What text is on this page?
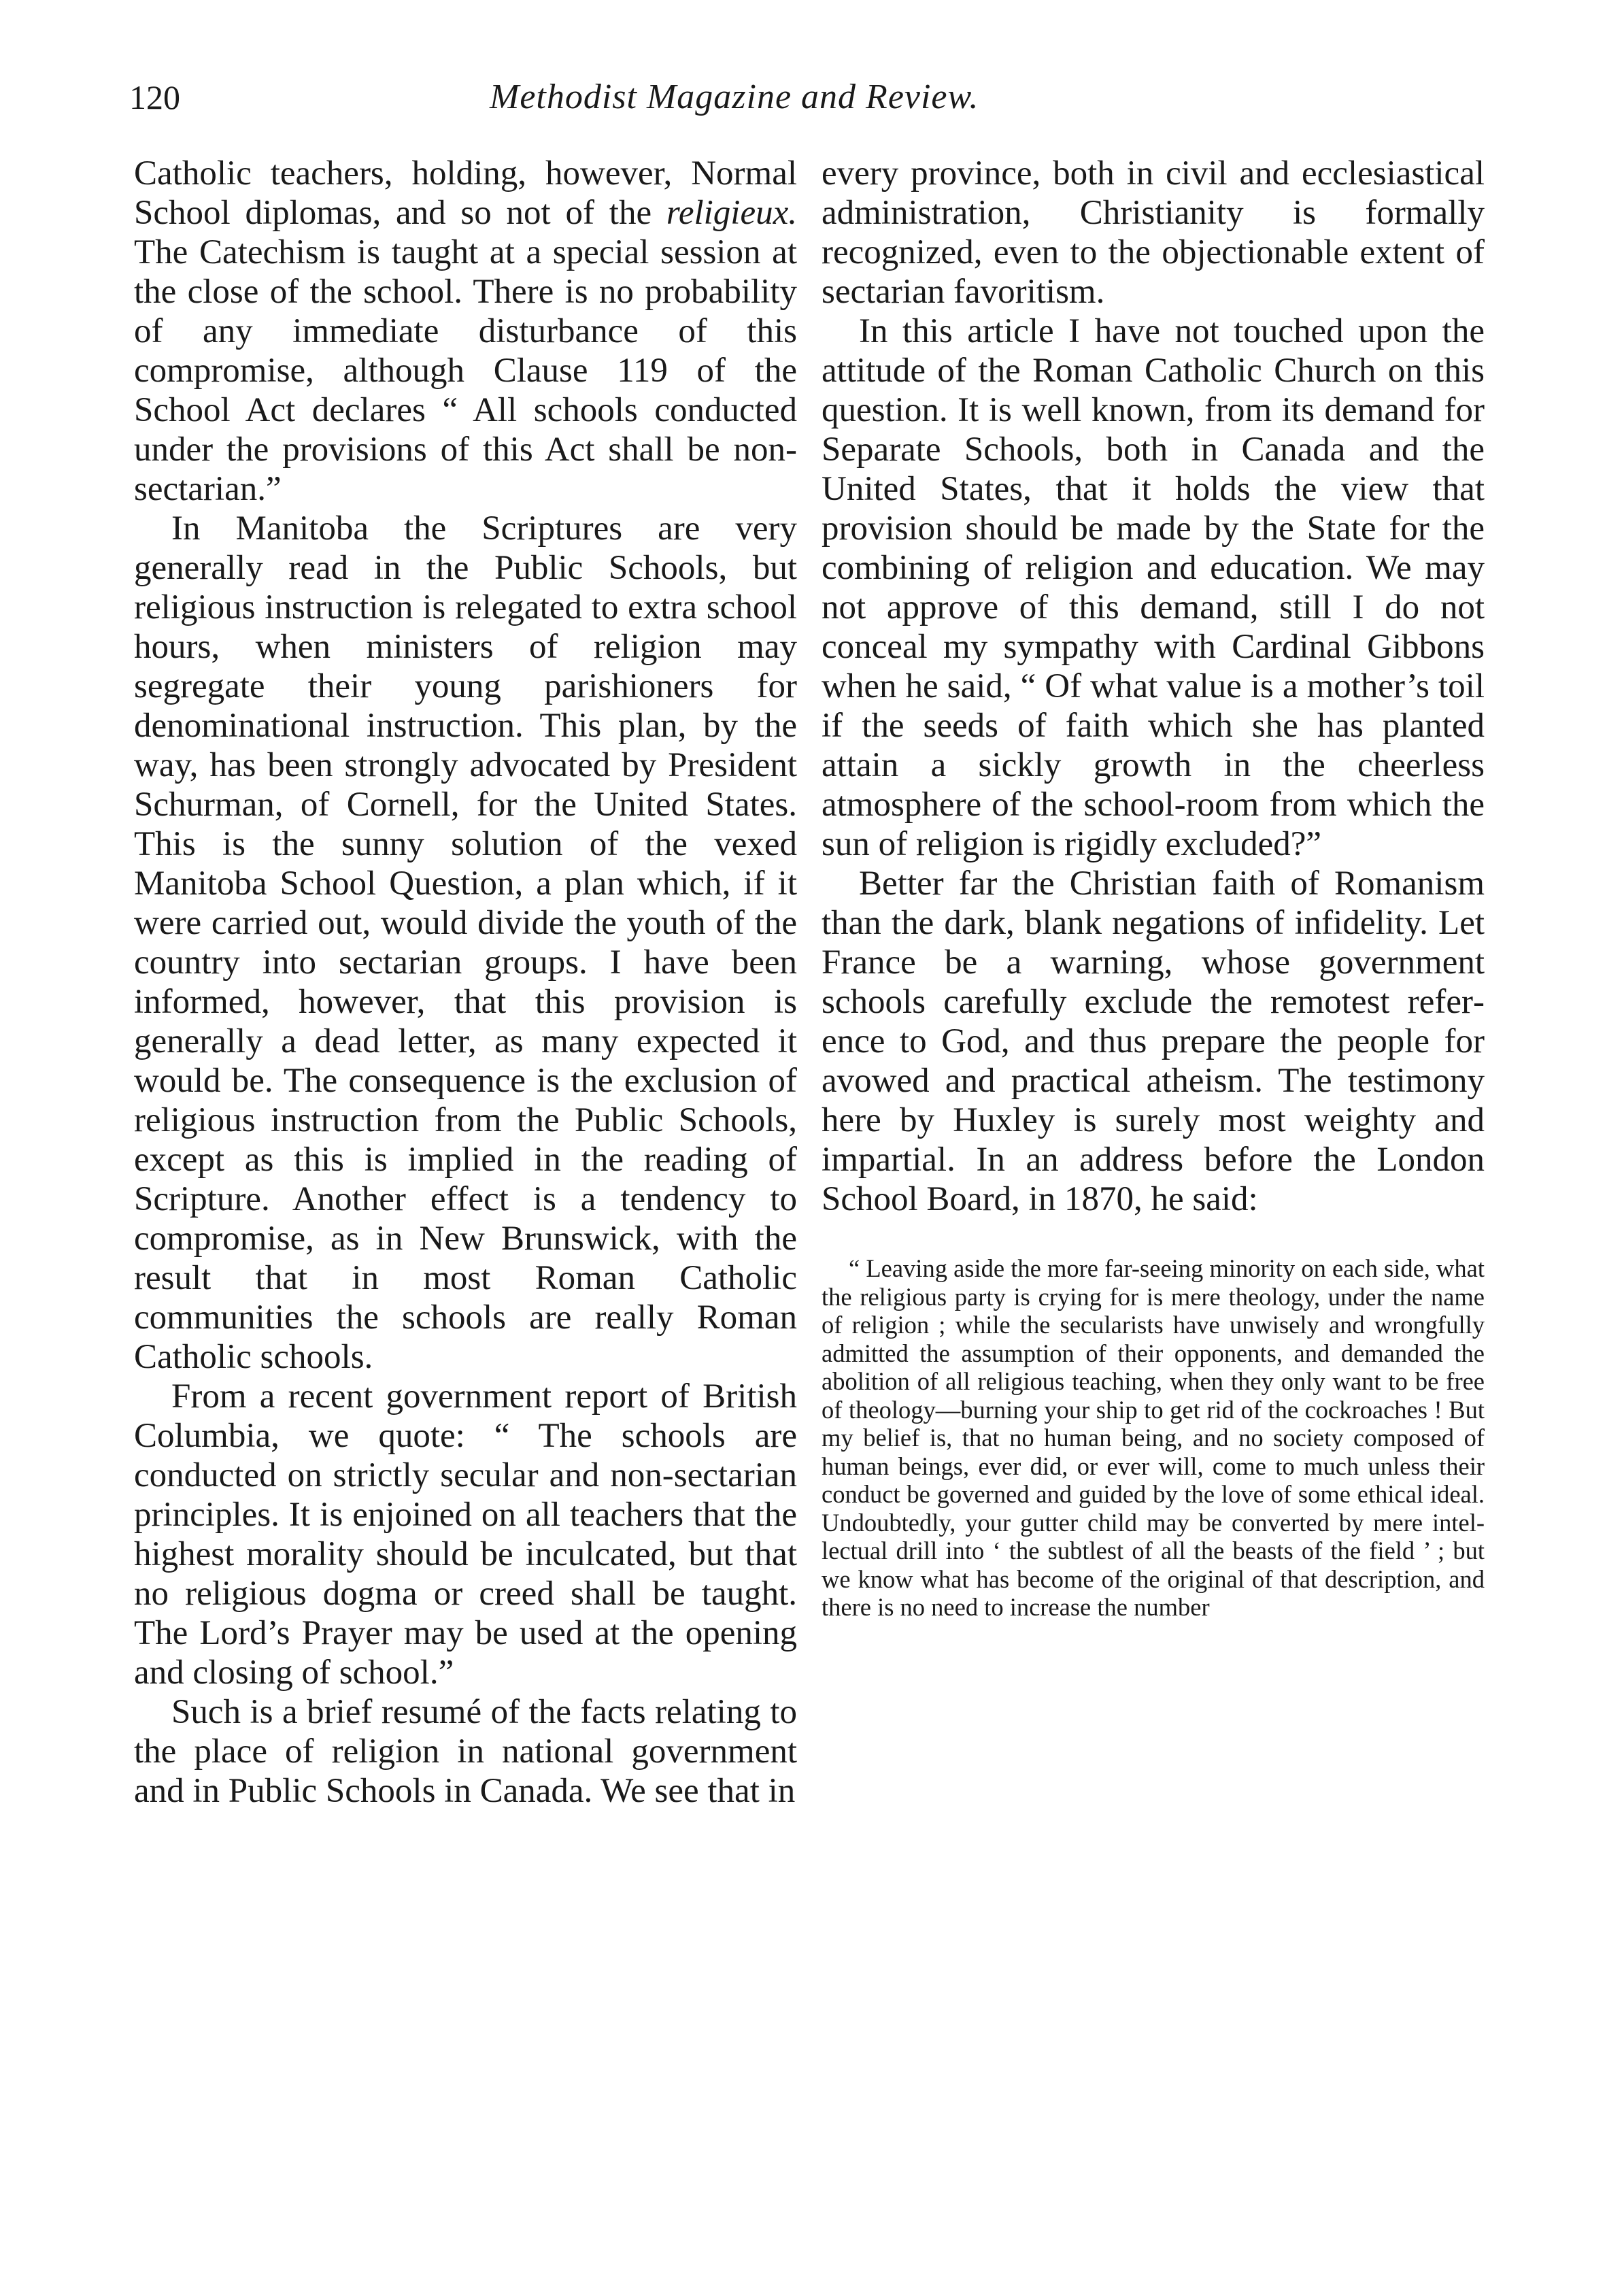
120	Methodist Magazine and Review.

Catholic teachers, holding, however, Normal School diplomas, and so not of the religieux. The Catechism is taught at a special session at the close of the school. There is no probability of any immediate disturbance of this compromise, although Clause 119 of the School Act declares “ All schools conducted under the provisions of this Act shall be non-sectarian.”

In Manitoba the Scriptures are very generally read in the Public Schools, but religious instruction is relegated to extra school hours, when ministers of religion may segregate their young parishioners for denominational instruction. This plan, by the way, has been strongly advocated by President Schurman, of Cornell, for the United States. This is the sunny solution of the vexed Manitoba School Question, a plan which, if it were carried out, would divide the youth of the country into sectarian groups. I have been informed, however, that this provision is generally a dead letter, as many expected it would be. The consequence is the exclusion of religious instruction from the Public Schools, except as this is implied in the reading of Scripture. Another effect is a tendency to compromise, as in New Brunswick, with the result that in most Roman Catholic communities the schools are really Roman Catholic schools.

From a recent government report of British Columbia, we quote: “ The schools are conducted on strictly secular and non-sectarian principles. It is enjoined on all teachers that the highest morality should be inculcated, but that no religious dogma or creed shall be taught. The Lord’s Prayer may be used at the opening and closing of school.”

Such is a brief resumé of the facts relating to the place of religion in national government and in Public Schools in Canada. We see that in

every province, both in civil and ecclesiastical administration, Christianity is formally recognized, even to the objectionable extent of sectarian favoritism.

In this article I have not touched upon the attitude of the Roman Catholic Church on this question. It is well known, from its demand for Separate Schools, both in Canada and the United States, that it holds the view that provision should be made by the State for the combining of religion and education. We may not approve of this demand, still I do not conceal my sympathy with Cardinal Gibbons when he said, “ Of what value is a mother’s toil if the seeds of faith which she has planted attain a sickly growth in the cheerless atmosphere of the school-room from which the sun of religion is rigidly excluded?”

Better far the Christian faith of Romanism than the dark, blank negations of infidelity. Let France be a warning, whose government schools carefully exclude the remotest reference to God, and thus prepare the people for avowed and practical atheism. The testimony here by Huxley is surely most weighty and impartial. In an address before the London School Board, in 1870, he said:

“ Leaving aside the more far-seeing minority on each side, what the religious party is crying for is mere theology, under the name of religion ; while the secularists have unwisely and wrongfully admitted the assumption of their opponents, and demanded the abolition of all religious teaching, when they only want to be free of theology—burning your ship to get rid of the cockroaches ! But my belief is, that no human being, and no society composed of human beings, ever did, or ever will, come to much unless their conduct be governed and guided by the love of some ethical ideal. Undoubtedly, your gutter child may be converted by mere intellectual drill into ‘ the subtlest of all the beasts of the field ’ ; but we know what has become of the original of that description, and there is no need to increase the number
